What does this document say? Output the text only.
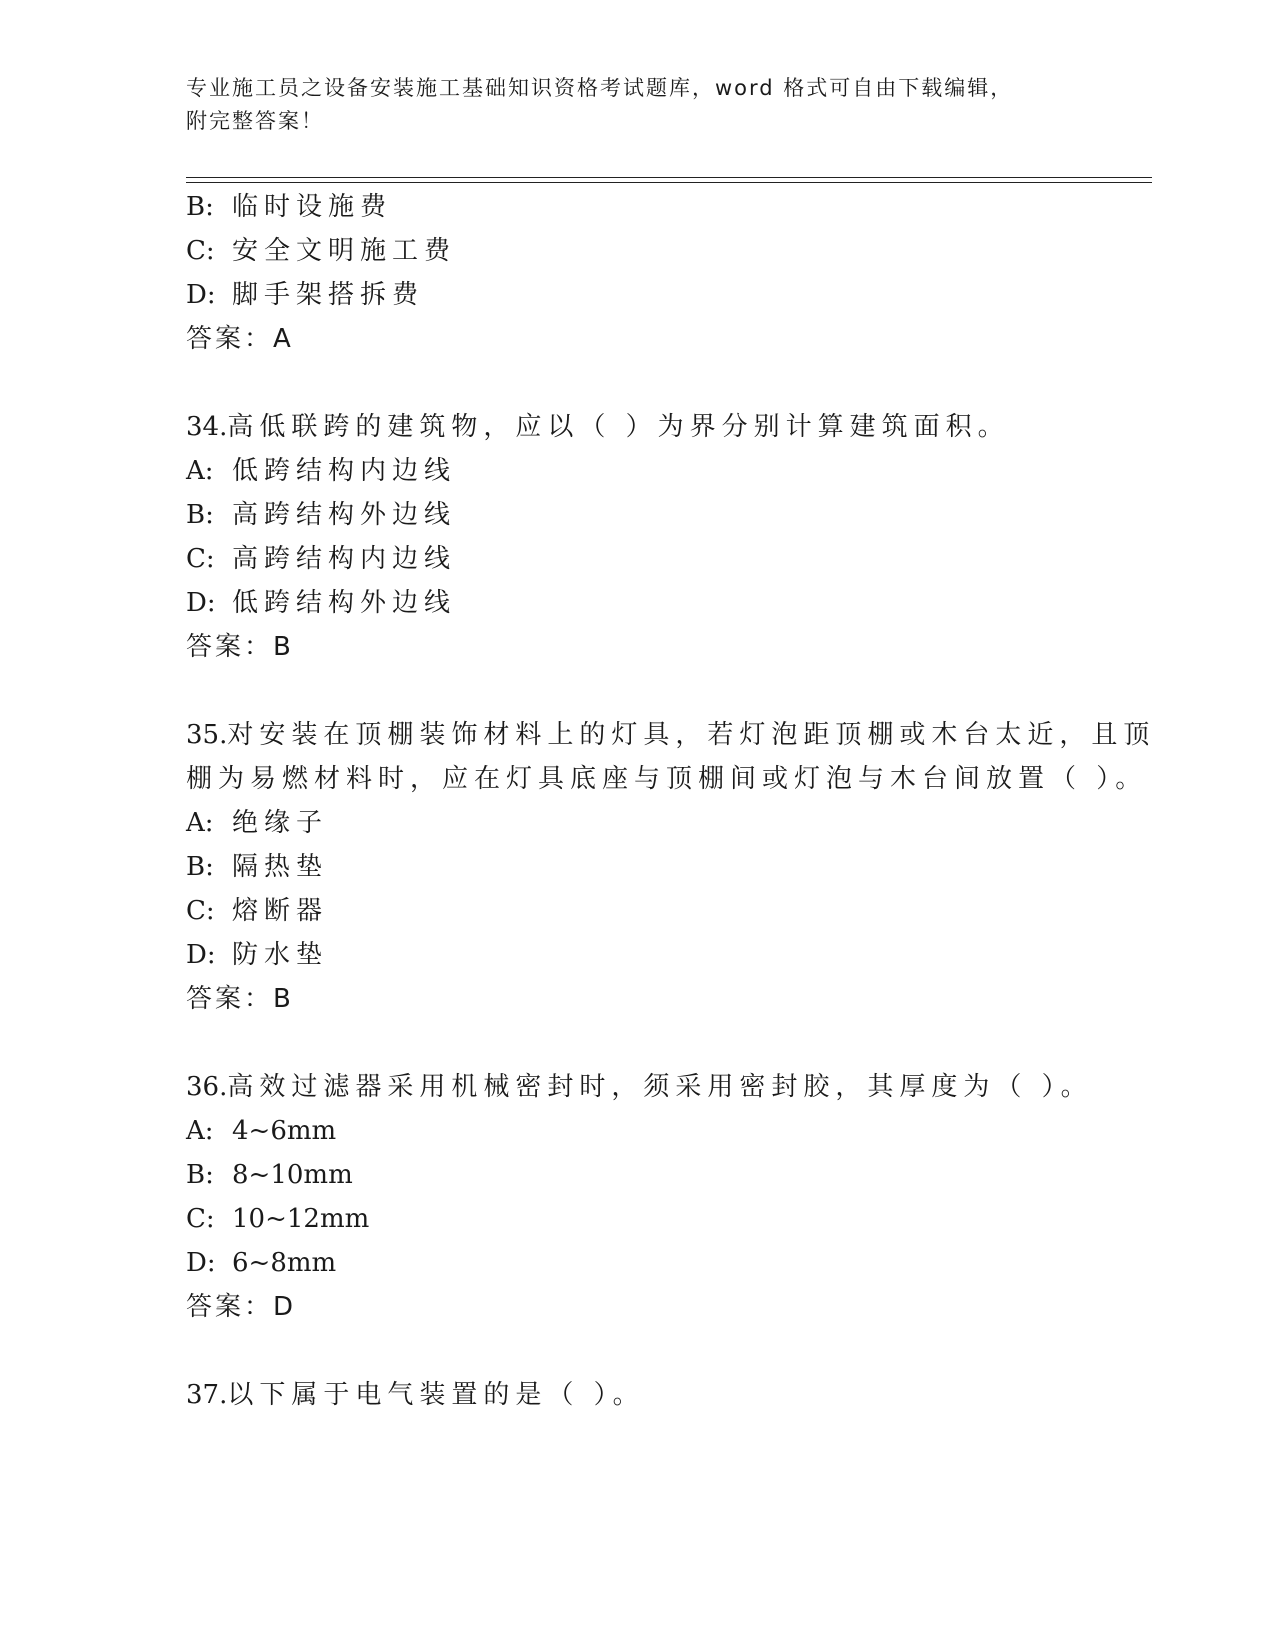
专业施工员之设备安装施工基础知识资格考试题库，word 格式可自由下载编辑，
附完整答案！
B: 临时设施费
C: 安全文明施工费
D: 脚手架搭拆费
答案：A
34.高低联跨的建筑物，应以（ ）为界分别计算建筑面积。
A: 低跨结构内边线
B: 高跨结构外边线
C: 高跨结构内边线
D: 低跨结构外边线
答案：B
35.对安装在顶棚装饰材料上的灯具，若灯泡距顶棚或木台太近，且顶
棚为易燃材料时，应在灯具底座与顶棚间或灯泡与木台间放置（ ）。
A: 绝缘子
B: 隔热垫
C: 熔断器
D: 防水垫
答案：B
36.高效过滤器采用机械密封时，须采用密封胶，其厚度为（ ）。
A: 4~6mm
B: 8~10mm
C: 10~12mm
D: 6~8mm
答案：D
37.以下属于电气装置的是（ ）。
